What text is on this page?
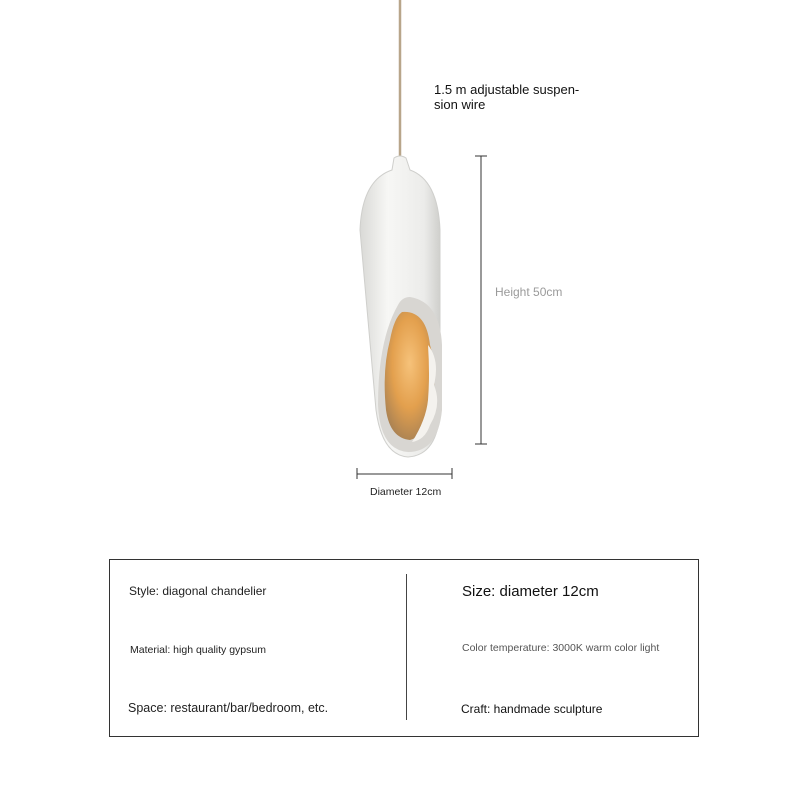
1.5 m adjustable suspen-
sion wire
Height 50cm
Diameter 12cm
Style: diagonal chandelier
Material: high quality gypsum
Space: restaurant/bar/bedroom, etc.
Size: diameter 12cm
Color temperature: 3000K warm color light
Craft: handmade sculpture
